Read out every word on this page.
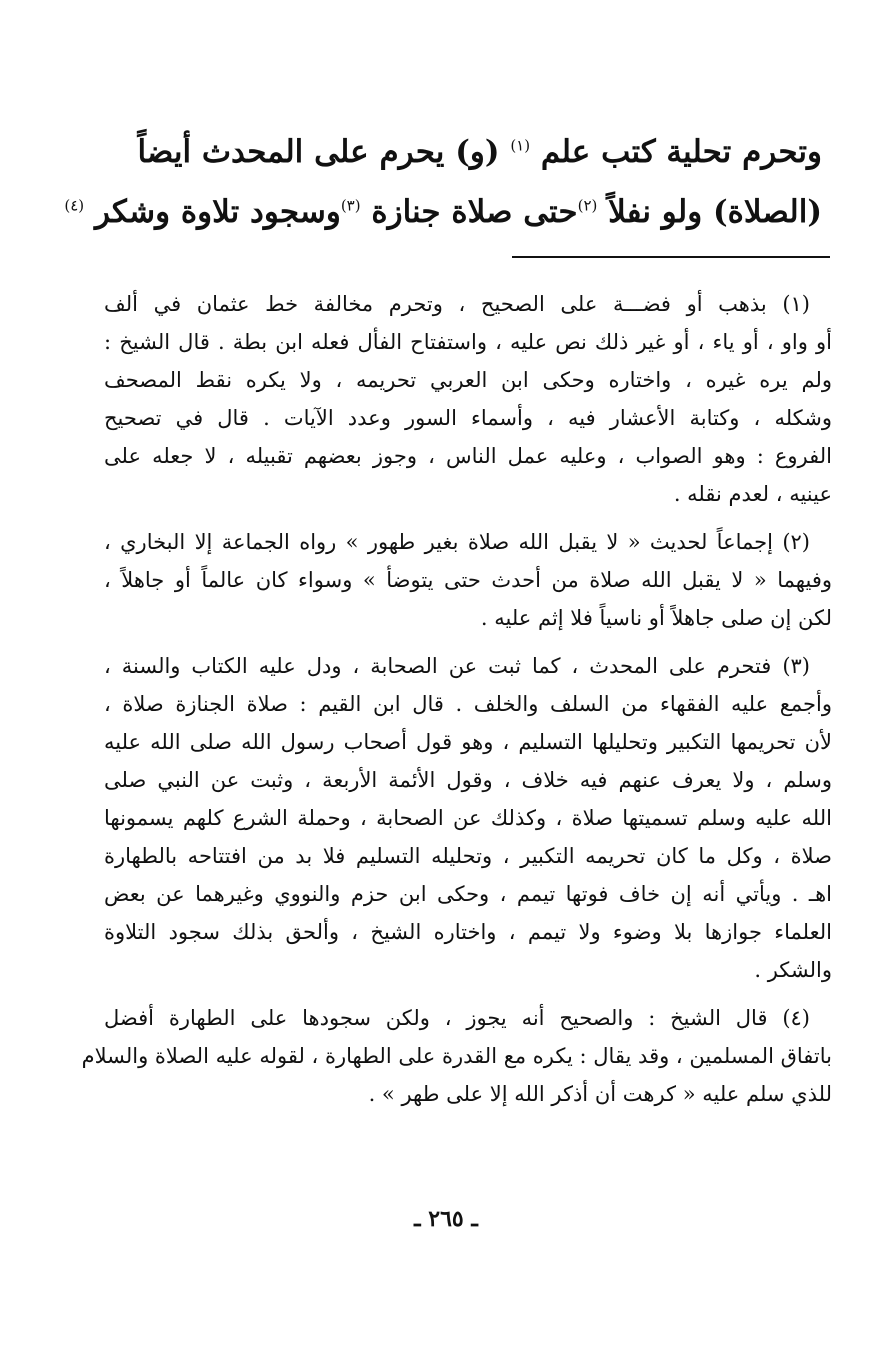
وتحرم تحلية كتب علم $^{(١)}$ (و) يحرم على المحدث أيضاً
(الصلاة) ولو نفلاً $^{(٢)}$حتى صلاة جنازة $^{(٣)}$وسجود تلاوة وشكر $^{(٤)}$
(١) بذهب أو فضـــة على الصحيح ، وتحرم مخالفة خط عثمان في ألف
أو واو ، أو ياء ، أو غير ذلك نص عليه ، واستفتاح الفأل فعله ابن بطة . قال الشيخ :
ولم يره غيره ، واختاره وحكى ابن العربي تحريمه ، ولا يكره نقط المصحف
وشكله ، وكتابة الأعشار فيه ، وأسماء السور وعدد الآيات . قال في تصحيح
الفروع : وهو الصواب ، وعليه عمل الناس ، وجوز بعضهم تقبيله ، لا جعله على
عينيه ، لعدم نقله .
(٢) إجماعاً لحديث « لا يقبل الله صلاة بغير طهور » رواه الجماعة إلا البخاري ،
وفيهما « لا يقبل الله صلاة من أحدث حتى يتوضأ » وسواء كان عالماً أو جاهلاً ،
لكن إن صلى جاهلاً أو ناسياً فلا إثم عليه .
(٣) فتحرم على المحدث ، كما ثبت عن الصحابة ، ودل عليه الكتاب والسنة ،
وأجمع عليه الفقهاء من السلف والخلف . قال ابن القيم : صلاة الجنازة صلاة ،
لأن تحريمها التكبير وتحليلها التسليم ، وهو قول أصحاب رسول الله صلى الله عليه
وسلم ، ولا يعرف عنهم فيه خلاف ، وقول الأئمة الأربعة ، وثبت عن النبي صلى
الله عليه وسلم تسميتها صلاة ، وكذلك عن الصحابة ، وحملة الشرع كلهم يسمونها
صلاة ، وكل ما كان تحريمه التكبير ، وتحليله التسليم فلا بد من افتتاحه بالطهارة
اهـ . ويأتي أنه إن خاف فوتها تيمم ، وحكى ابن حزم والنووي وغيرهما عن بعض
العلماء جوازها بلا وضوء ولا تيمم ، واختاره الشيخ ، وألحق بذلك سجود التلاوة
والشكر .
(٤) قال الشيخ : والصحيح أنه يجوز ، ولكن سجودها على الطهارة أفضل
باتفاق المسلمين ، وقد يقال : يكره مع القدرة على الطهارة ، لقوله عليه الصلاة والسلام
للذي سلم عليه « كرهت أن أذكر الله إلا على طهر » .
ـ ٢٦٥ ـ
